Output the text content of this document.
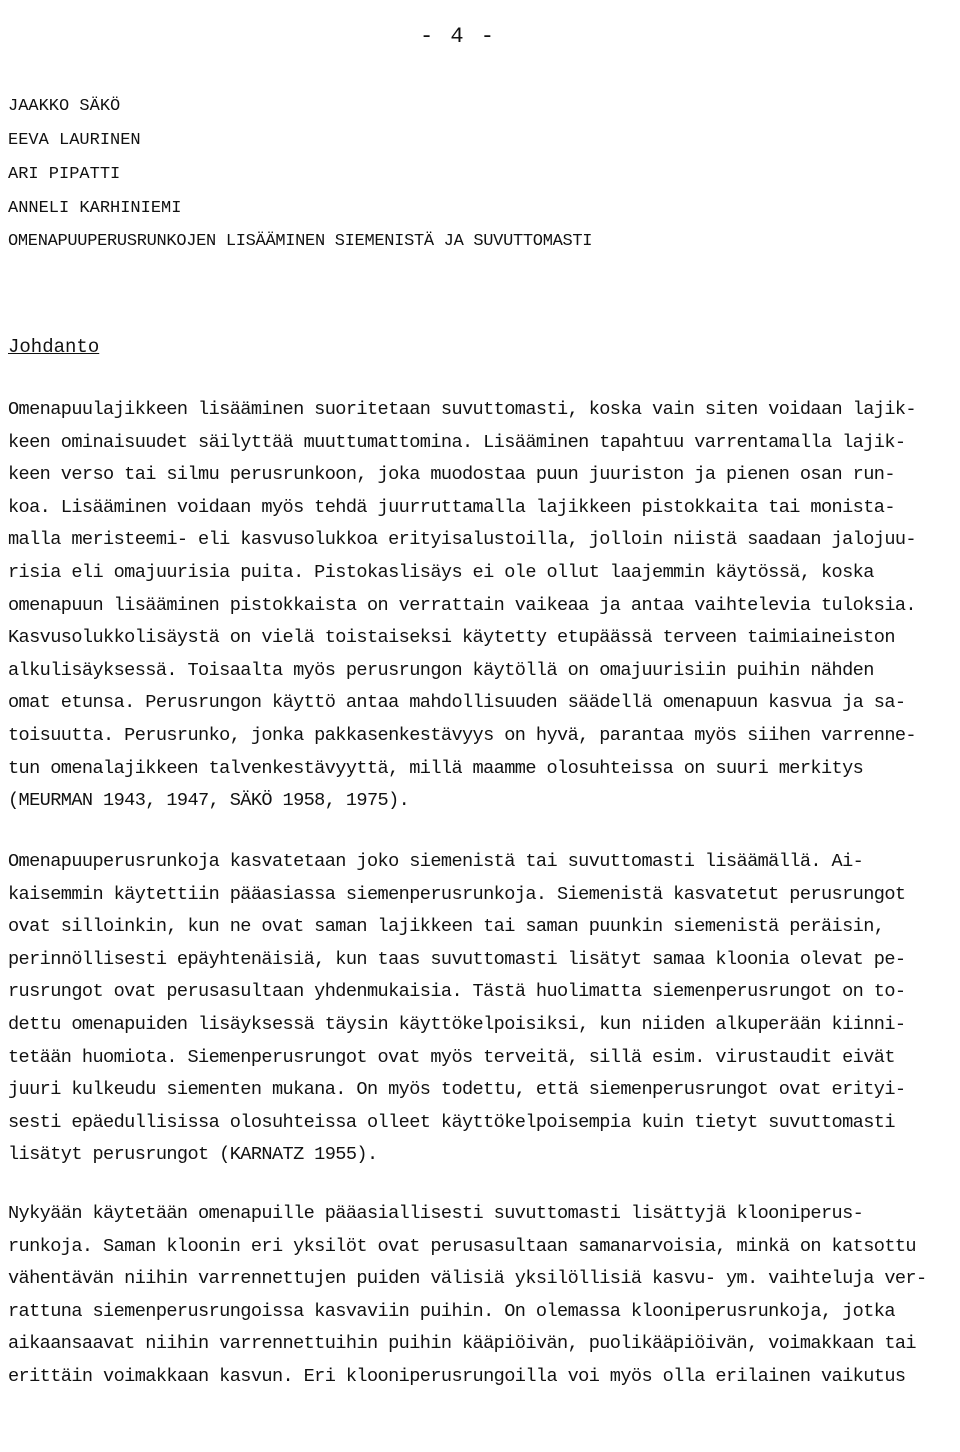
- 4 -
JAAKKO SÄKÖ
EEVA LAURINEN
ARI PIPATTI
ANNELI KARHINIEMI
OMENAPUUPERUSRUNKOJEN LISÄÄMINEN SIEMENISTÄ JA SUVUTTOMASTI
Johdanto
Omenapuulajikkeen lisääminen suoritetaan suvuttomasti, koska vain siten voidaan lajik-
keen ominaisuudet säilyttää muuttumattomina. Lisääminen tapahtuu varrentamalla lajik-
keen verso tai silmu perusrunkoon, joka muodostaa puun juuriston ja pienen osan run-
koa. Lisääminen voidaan myös tehdä juurruttamalla lajikkeen pistokkaita tai monista-
malla meristeemi- eli kasvusolukkoa erityisalustoilla, jolloin niistä saadaan jalojuu-
risia eli omajuurisia puita. Pistokaslisäys ei ole ollut laajemmin käytössä, koska
omenapuun lisääminen pistokkaista on verrattain vaikeaa ja antaa vaihtelevia tuloksia.
Kasvusolukkolisäystä on vielä toistaiseksi käytetty etupäässä terveen taimiaineiston
alkulisäyksessä. Toisaalta myös perusrungon käytöllä on omajuurisiin puihin nähden
omat etunsa. Perusrungon käyttö antaa mahdollisuuden säädellä omenapuun kasvua ja sa-
toisuutta. Perusrunko, jonka pakkasenkestävyys on hyvä, parantaa myös siihen varrenne-
tun omenalajikkeen talvenkestävyyttä, millä maamme olosuhteissa on suuri merkitys
(MEURMAN 1943, 1947, SÄKÖ 1958, 1975).
Omenapuuperusrunkoja kasvatetaan joko siemenistä tai suvuttomasti lisäämällä. Ai-
kaisemmin käytettiin pääasiassa siemenperusrunkoja. Siemenistä kasvatetut perusrungot
ovat silloinkin, kun ne ovat saman lajikkeen tai saman puunkin siemenistä peräisin,
perinnöllisesti epäyhtenäisiä, kun taas suvuttomasti lisätyt samaa kloonia olevat pe-
rusrungot ovat perusasultaan yhdenmukaisia. Tästä huolimatta siemenperusrungot on to-
dettu omenapuiden lisäyksessä täysin käyttökelpoisiksi, kun niiden alkuperään kiinni-
tetään huomiota. Siemenperusrungot ovat myös terveitä, sillä esim. virustaudit eivät
juuri kulkeudu siementen mukana. On myös todettu, että siemenperusrungot ovat erityi-
sesti epäedullisissa olosuhteissa olleet käyttökelpoisempia kuin tietyt suvuttomasti
lisätyt perusrungot (KARNATZ 1955).
Nykyään käytetään omenapuille pääasiallisesti suvuttomasti lisättyjä klooniperus-
runkoja. Saman kloonin eri yksilöt ovat perusasultaan samanarvoisia, minkä on katsottu
vähentävän niihin varrennettujen puiden välisiä yksilöllisiä kasvu- ym. vaihteluja ver-
rattuna siemenperusrungoissa kasvaviin puihin. On olemassa klooniperusrunkoja, jotka
aikaansaavat niihin varrennettuihin puihin kääpiöivän, puolikääpiöivän, voimakkaan tai
erittäin voimakkaan kasvun. Eri klooniperusrungoilla voi myös olla erilainen vaikutus
